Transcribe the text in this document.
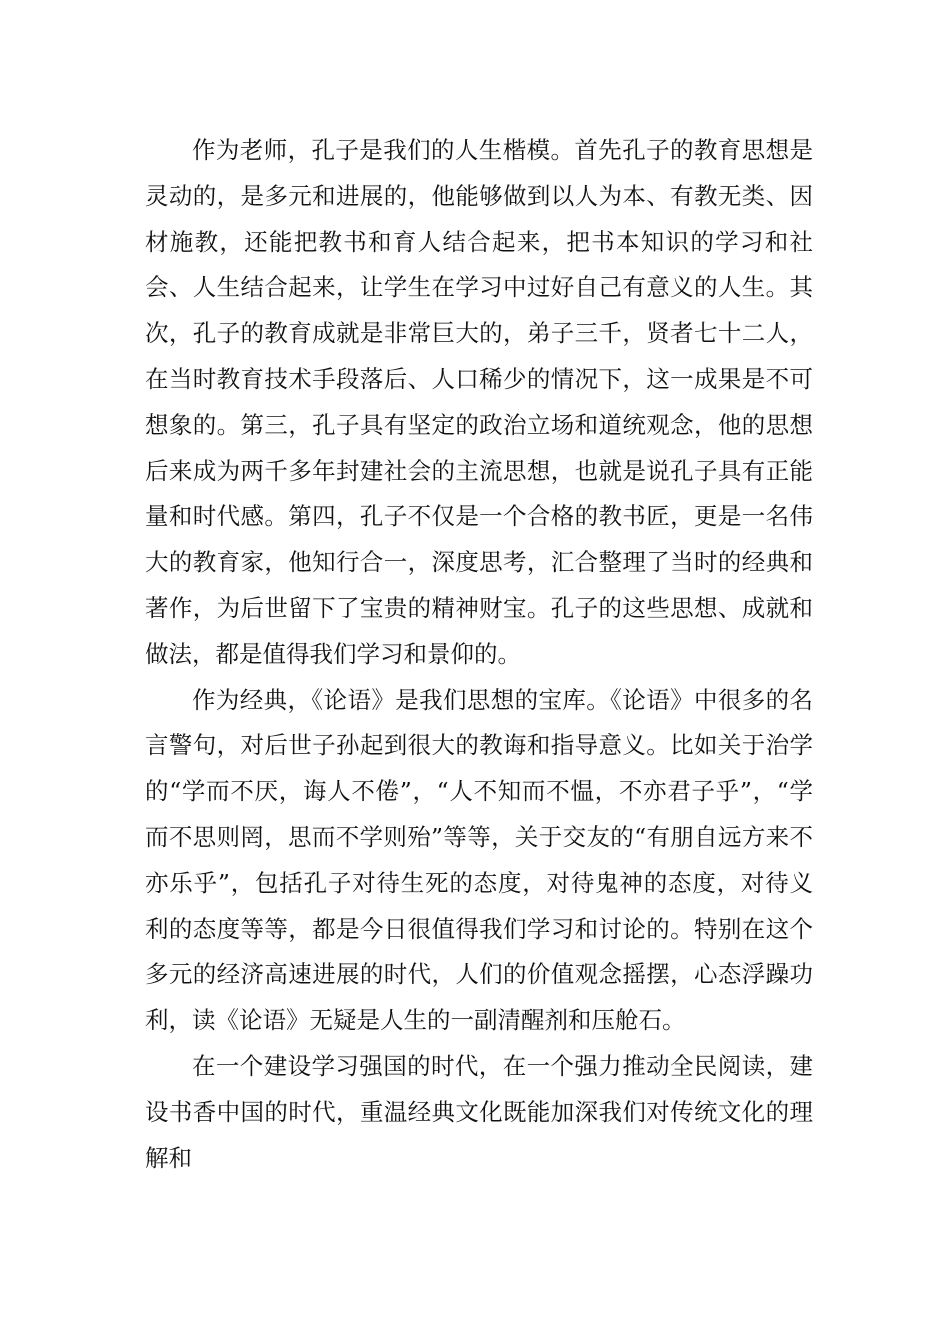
作为老师，孔子是我们的人生楷模。首先孔子的教育思想是灵动的，是多元和进展的，他能够做到以人为本、有教无类、因材施教，还能把教书和育人结合起来，把书本知识的学习和社会、人生结合起来，让学生在学习中过好自己有意义的人生。其次，孔子的教育成就是非常巨大的，弟子三千，贤者七十二人，在当时教育技术手段落后、人口稀少的情况下，这一成果是不可想象的。第三，孔子具有坚定的政治立场和道统观念，他的思想后来成为两千多年封建社会的主流思想，也就是说孔子具有正能量和时代感。第四，孔子不仅是一个合格的教书匠，更是一名伟大的教育家，他知行合一，深度思考，汇合整理了当时的经典和著作，为后世留下了宝贵的精神财宝。孔子的这些思想、成就和做法，都是值得我们学习和景仰的。

作为经典，《论语》是我们思想的宝库。《论语》中很多的名言警句，对后世子孙起到很大的教诲和指导意义。比如关于治学的“学而不厌，诲人不倦”，“人不知而不愠，不亦君子乎”，“学而不思则罔，思而不学则殆”等等，关于交友的“有朋自远方来不亦乐乎”，包括孔子对待生死的态度，对待鬼神的态度，对待义利的态度等等，都是今日很值得我们学习和讨论的。特别在这个多元的经济高速进展的时代，人们的价值观念摇摆，心态浮躁功利，读《论语》无疑是人生的一副清醒剂和压舱石。

在一个建设学习强国的时代，在一个强力推动全民阅读，建设书香中国的时代，重温经典文化既能加深我们对传统文化的理解和
